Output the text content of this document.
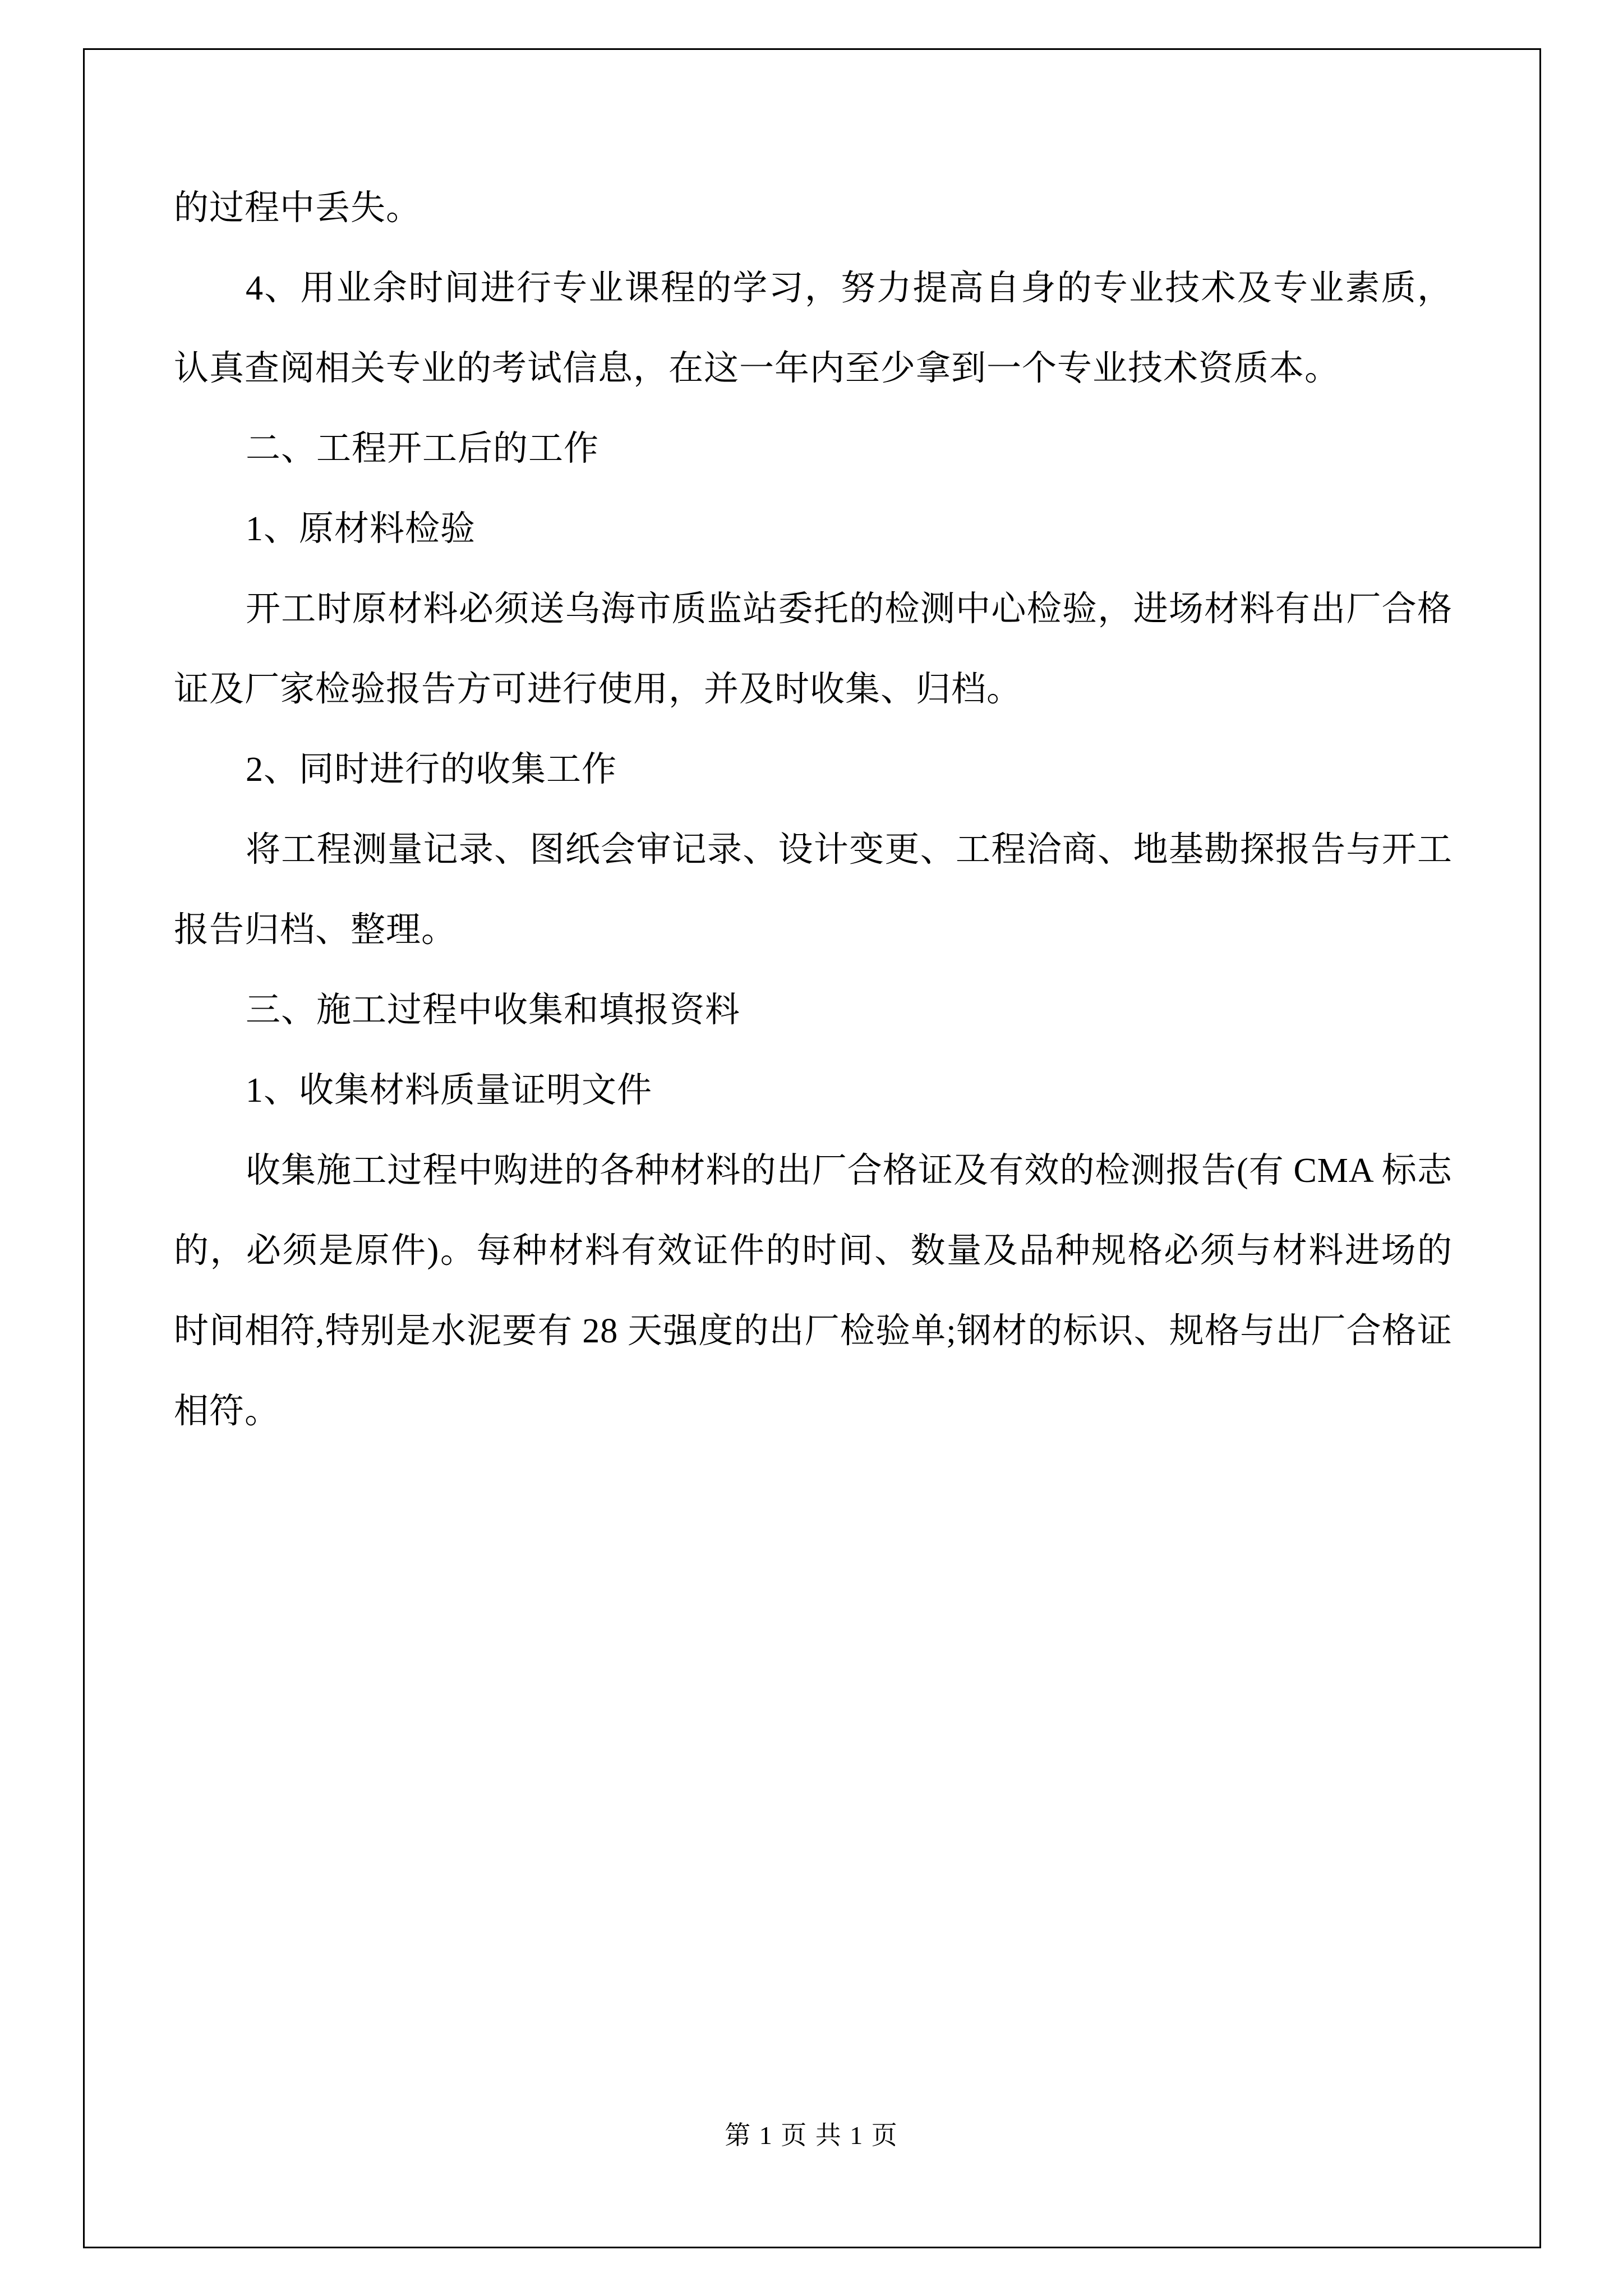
的过程中丢失。

4、用业余时间进行专业课程的学习，努力提高自身的专业技术及专业素质，认真查阅相关专业的考试信息，在这一年内至少拿到一个专业技术资质本。

二、工程开工后的工作

1、原材料检验

开工时原材料必须送乌海市质监站委托的检测中心检验，进场材料有出厂合格证及厂家检验报告方可进行使用，并及时收集、归档。

2、同时进行的收集工作

将工程测量记录、图纸会审记录、设计变更、工程洽商、地基勘探报告与开工报告归档、整理。

三、施工过程中收集和填报资料

1、收集材料质量证明文件

收集施工过程中购进的各种材料的出厂合格证及有效的检测报告(有 CMA 标志的，必须是原件)。每种材料有效证件的时间、数量及品种规格必须与材料进场的时间相符,特别是水泥要有 28 天强度的出厂检验单;钢材的标识、规格与出厂合格证相符。

第 1 页 共 1 页
